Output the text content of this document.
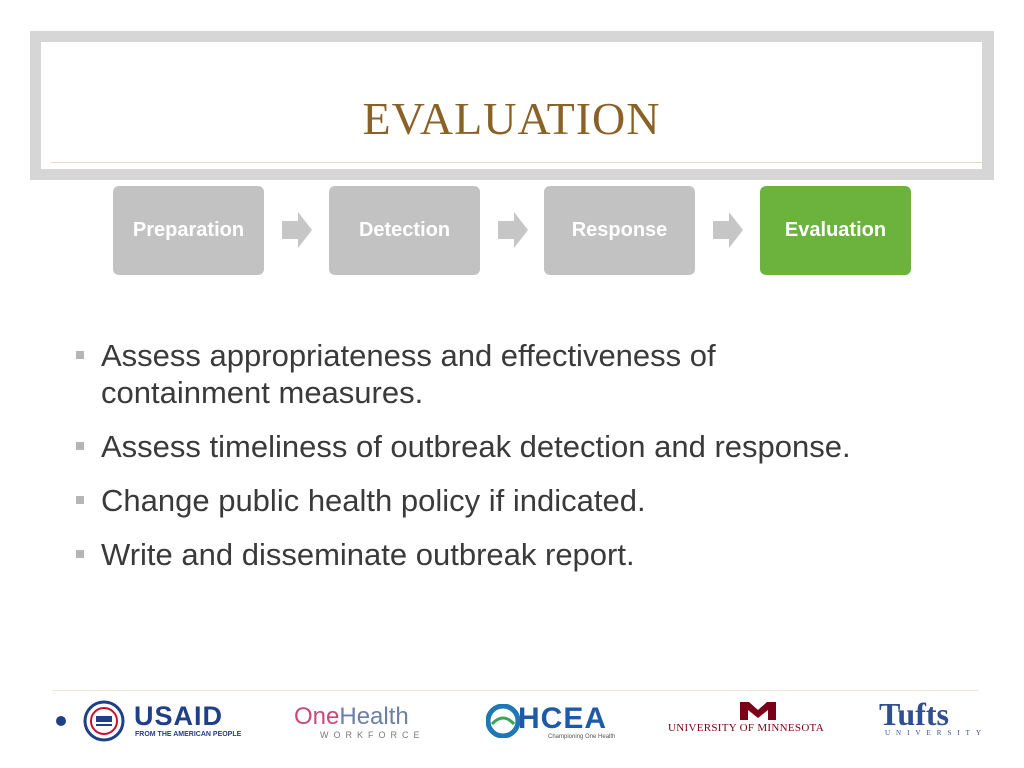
EVALUATION
Preparation	Detection	Response	Evaluation
Assess appropriateness and effectiveness of containment measures.
Assess timeliness of outbreak detection and response.
Change public health policy if indicated.
Write and disseminate outbreak report.
USAID
FROM THE AMERICAN PEOPLE
OneHealth
WORKFORCE	HCEA
Championing One Health
UNIVERSITY OF MINNESOTA	Tufts
UNIVERSITY
